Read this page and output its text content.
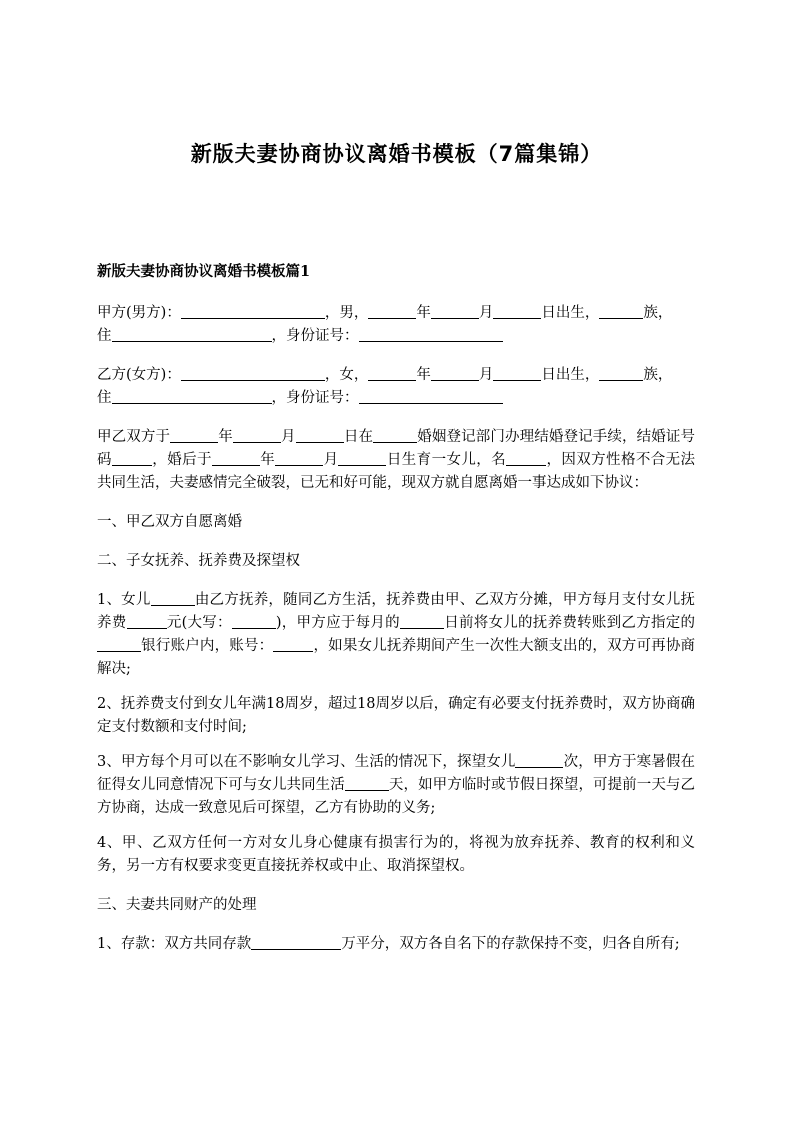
新版夫妻协商协议离婚书模板（7篇集锦）
新版夫妻协商协议离婚书模板篇1

甲方(男方)：	，男，	年	月	日出生，	族，
住	，身份证号：

乙方(女方)：	，女，	年	月	日出生，	族，
住	，身份证号：

甲乙双方于	年	月	日在	婚姻登记部门办理结婚登记手续，结婚证号码	，婚后于	年	月	日生育一女儿，名	，因双方性格不合无法共同生活，夫妻感情完全破裂，已无和好可能，现双方就自愿离婚一事达成如下协议：

一、甲乙双方自愿离婚

二、子女抚养、抚养费及探望权

1、女儿	由乙方抚养，随同乙方生活，抚养费由甲、乙双方分摊，甲方每月支付女儿抚养费	元(大写：	)，甲方应于每月的	日前将女儿的抚养费转账到乙方指定的银行账户内，账号：	，如果女儿抚养期间产生一次性大额支出的，双方可再协商解决;

2、抚养费支付到女儿年满18周岁，超过18周岁以后，确定有必要支付抚养费时，双方协商确定支付数额和支付时间;

3、甲方每个月可以在不影响女儿学习、生活的情况下，探望女儿	次，甲方于寒暑假在征得女儿同意情况下可与女儿共同生活	天，如甲方临时或节假日探望，可提前一天与乙方协商，达成一致意见后可探望，乙方有协助的义务;

4、甲、乙双方任何一方对女儿身心健康有损害行为的，将视为放弃抚养、教育的权利和义务，另一方有权要求变更直接抚养权或中止、取消探望权。

三、夫妻共同财产的处理

1、存款：双方共同存款	万平分，双方各自名下的存款保持不变，归各自所有;
